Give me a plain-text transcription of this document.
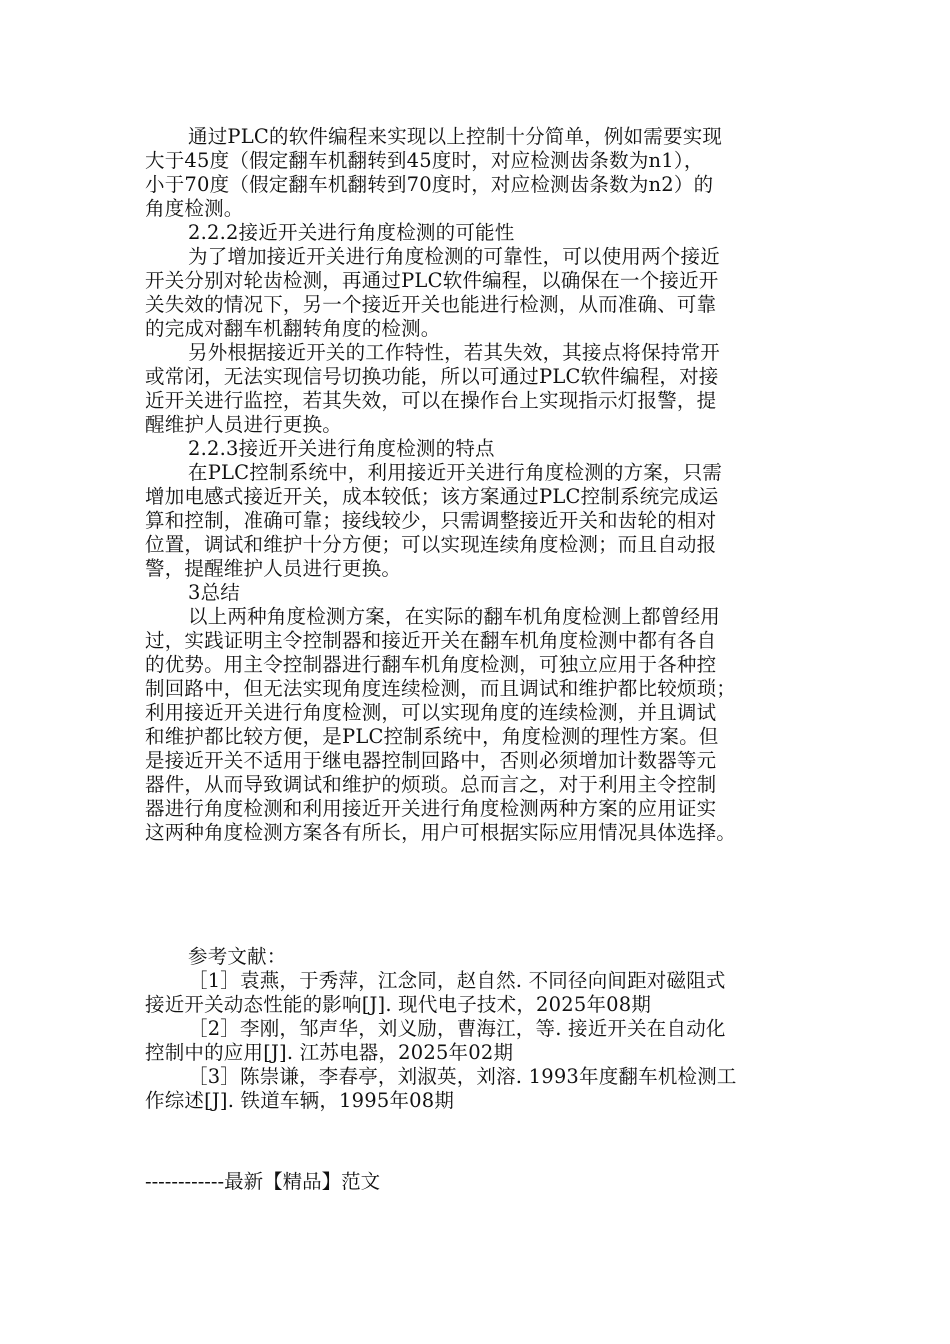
通过PLC的软件编程来实现以上控制十分简单，例如需要实现
大于45度（假定翻车机翻转到45度时，对应检测齿条数为n1），
小于70度（假定翻车机翻转到70度时，对应检测齿条数为n2）的
角度检测。
2.2.2接近开关进行角度检测的可能性
为了增加接近开关进行角度检测的可靠性，可以使用两个接近
开关分别对轮齿检测，再通过PLC软件编程，以确保在一个接近开
关失效的情况下，另一个接近开关也能进行检测，从而准确、可靠
的完成对翻车机翻转角度的检测。
另外根据接近开关的工作特性，若其失效，其接点将保持常开
或常闭，无法实现信号切换功能，所以可通过PLC软件编程，对接
近开关进行监控，若其失效，可以在操作台上实现指示灯报警，提
醒维护人员进行更换。
2.2.3接近开关进行角度检测的特点
在PLC控制系统中，利用接近开关进行角度检测的方案，只需
增加电感式接近开关，成本较低；该方案通过PLC控制系统完成运
算和控制，准确可靠；接线较少，只需调整接近开关和齿轮的相对
位置，调试和维护十分方便；可以实现连续角度检测；而且自动报
警，提醒维护人员进行更换。
3总结
以上两种角度检测方案，在实际的翻车机角度检测上都曾经用
过，实践证明主令控制器和接近开关在翻车机角度检测中都有各自
的优势。用主令控制器进行翻车机角度检测，可独立应用于各种控
制回路中，但无法实现角度连续检测，而且调试和维护都比较烦琐；
利用接近开关进行角度检测，可以实现角度的连续检测，并且调试
和维护都比较方便，是PLC控制系统中，角度检测的理性方案。但
是接近开关不适用于继电器控制回路中，否则必须增加计数器等元
器件，从而导致调试和维护的烦琐。总而言之，对于利用主令控制
器进行角度检测和利用接近开关进行角度检测两种方案的应用证实
这两种角度检测方案各有所长，用户可根据实际应用情况具体选择。
参考文献：
［1］袁燕，于秀萍，江念同，赵自然. 不同径向间距对磁阻式
接近开关动态性能的影响[J]. 现代电子技术，2025年08期
［2］李刚，邹声华，刘义励，曹海江，等. 接近开关在自动化
控制中的应用[J]. 江苏电器，2025年02期
［3］陈崇谦，李春亭，刘淑英，刘溶. 1993年度翻车机检测工
作综述[J]. 铁道车辆，1995年08期
------------最新【精品】范文
